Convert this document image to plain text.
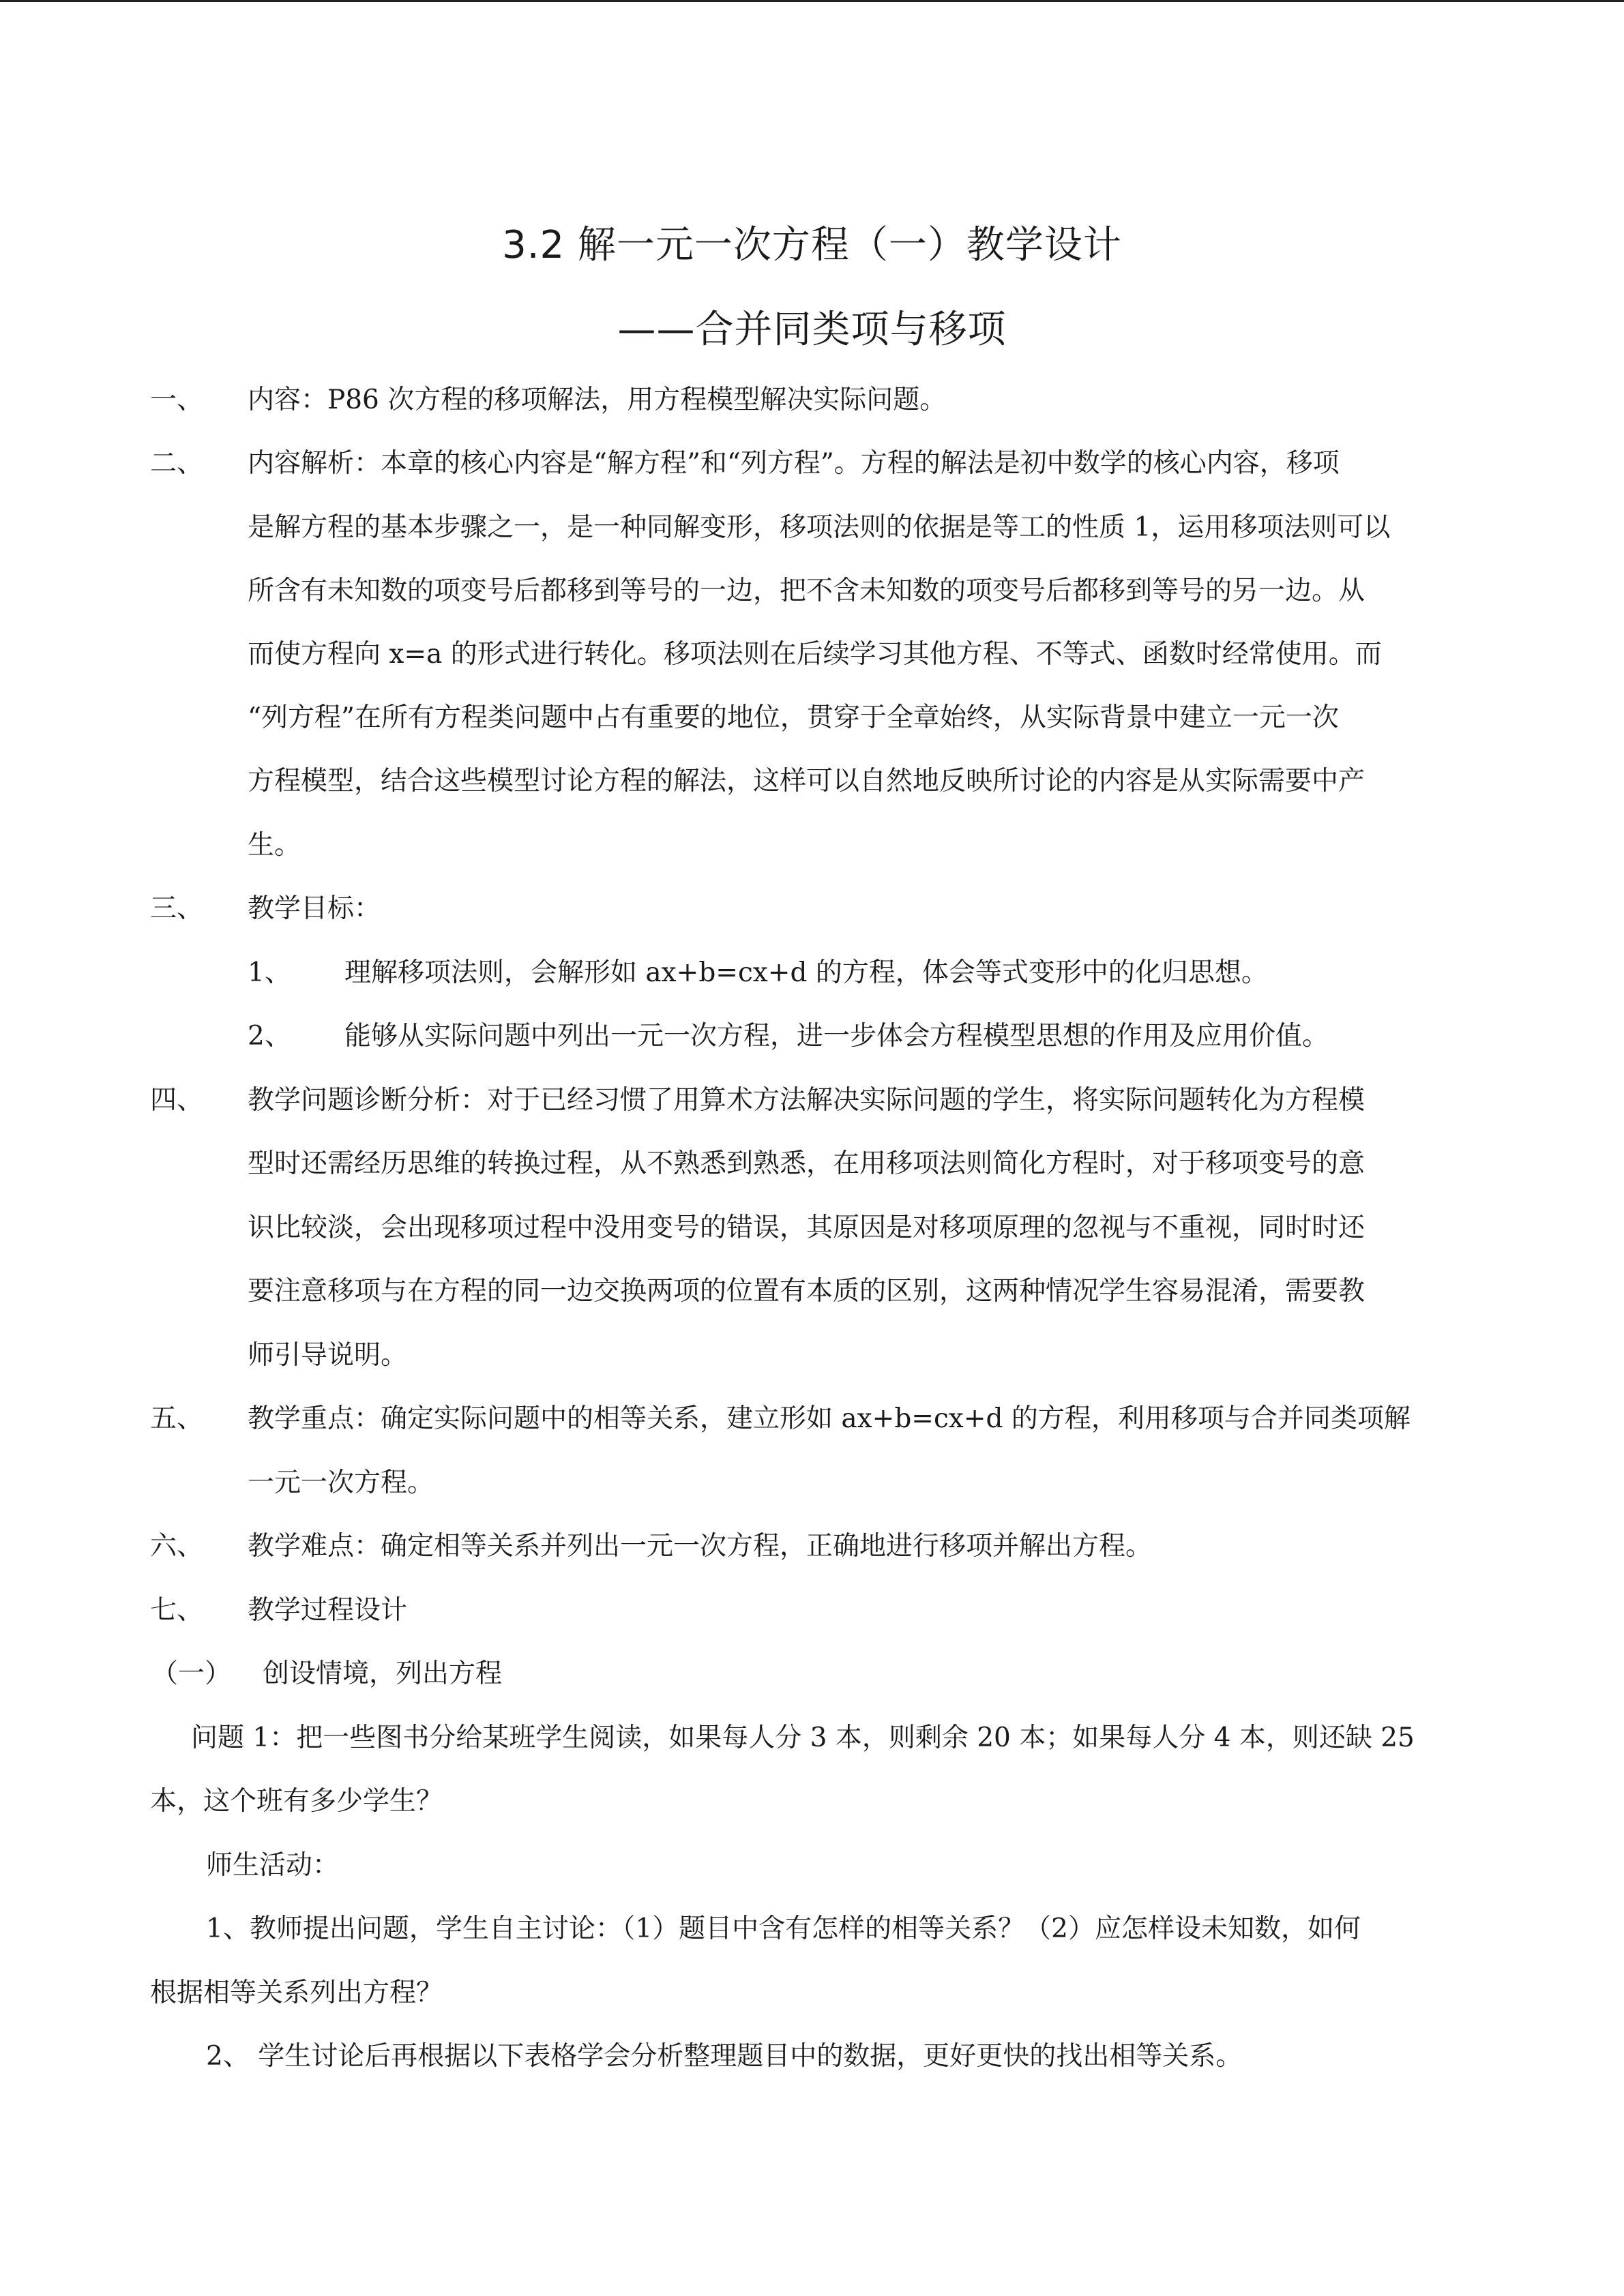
3.2 解一元一次方程（一）教学设计
——合并同类项与移项
一、 内容：P86 次方程的移项解法，用方程模型解决实际问题。
二、 内容解析：本章的核心内容是“解方程”和“列方程”。方程的解法是初中数学的核心内容，移项
是解方程的基本步骤之一，是一种同解变形，移项法则的依据是等工的性质 1，运用移项法则可以
所含有未知数的项变号后都移到等号的一边，把不含未知数的项变号后都移到等号的另一边。从
而使方程向 x=a 的形式进行转化。移项法则在后续学习其他方程、不等式、函数时经常使用。而
“列方程”在所有方程类问题中占有重要的地位，贯穿于全章始终，从实际背景中建立一元一次
方程模型，结合这些模型讨论方程的解法，这样可以自然地反映所讨论的内容是从实际需要中产
生。
三、 教学目标：
1、 理解移项法则，会解形如 ax+b=cx+d 的方程，体会等式变形中的化归思想。
2、 能够从实际问题中列出一元一次方程，进一步体会方程模型思想的作用及应用价值。
四、 教学问题诊断分析：对于已经习惯了用算术方法解决实际问题的学生，将实际问题转化为方程模
型时还需经历思维的转换过程，从不熟悉到熟悉，在用移项法则简化方程时，对于移项变号的意
识比较淡，会出现移项过程中没用变号的错误，其原因是对移项原理的忽视与不重视，同时时还
要注意移项与在方程的同一边交换两项的位置有本质的区别，这两种情况学生容易混淆，需要教
师引导说明。
五、 教学重点：确定实际问题中的相等关系，建立形如 ax+b=cx+d 的方程，利用移项与合并同类项解
一元一次方程。
六、 教学难点：确定相等关系并列出一元一次方程，正确地进行移项并解出方程。
七、 教学过程设计
（一） 创设情境，列出方程
问题 1：把一些图书分给某班学生阅读，如果每人分 3 本，则剩余 20 本；如果每人分 4 本，则还缺 25
本，这个班有多少学生？
师生活动：
1、教师提出问题，学生自主讨论：（1）题目中含有怎样的相等关系？（2）应怎样设未知数，如何
根据相等关系列出方程？
2、 学生讨论后再根据以下表格学会分析整理题目中的数据，更好更快的找出相等关系。
